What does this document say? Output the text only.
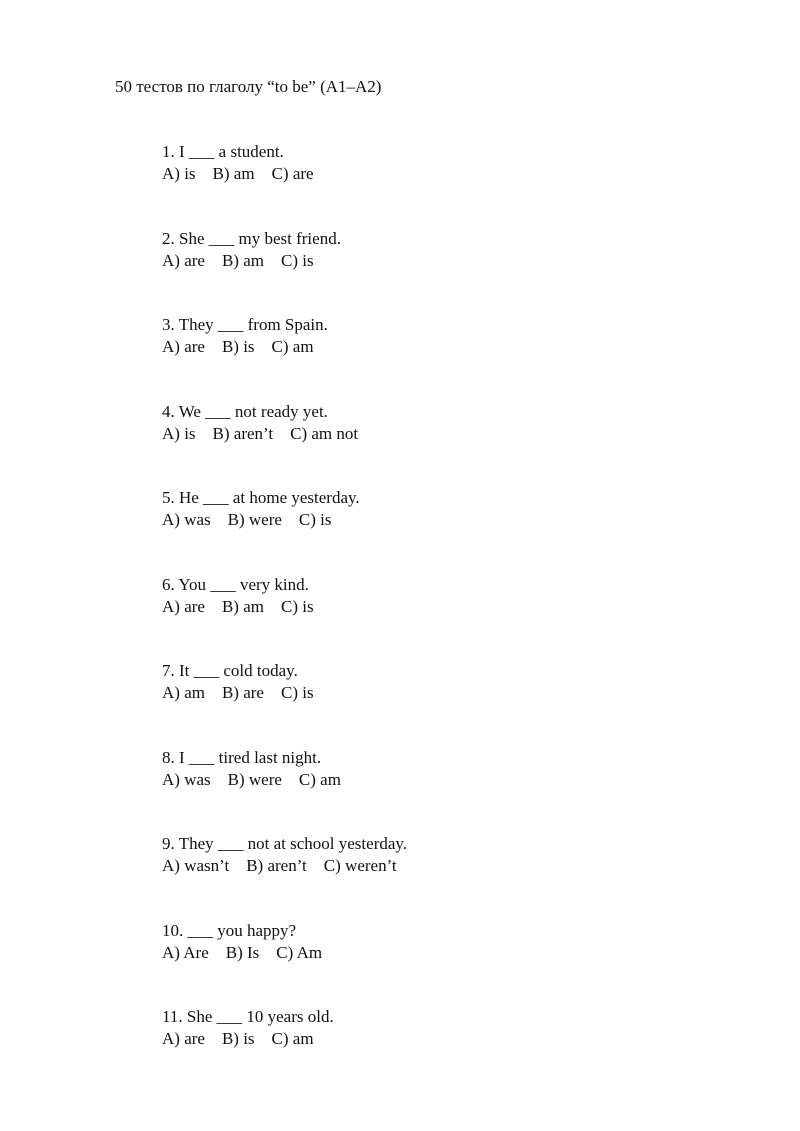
50 тестов по глаголу “to be” (A1–A2)
1. I ___ a student.
A) is B) am C) are
2. She ___ my best friend.
A) are B) am C) is
3. They ___ from Spain.
A) are B) is C) am
4. We ___ not ready yet.
A) is B) aren’t C) am not
5. He ___ at home yesterday.
A) was B) were C) is
6. You ___ very kind.
A) are B) am C) is
7. It ___ cold today.
A) am B) are C) is
8. I ___ tired last night.
A) was B) were C) am
9. They ___ not at school yesterday.
A) wasn’t B) aren’t C) weren’t
10. ___ you happy?
A) Are B) Is C) Am
11. She ___ 10 years old.
A) are B) is C) am
